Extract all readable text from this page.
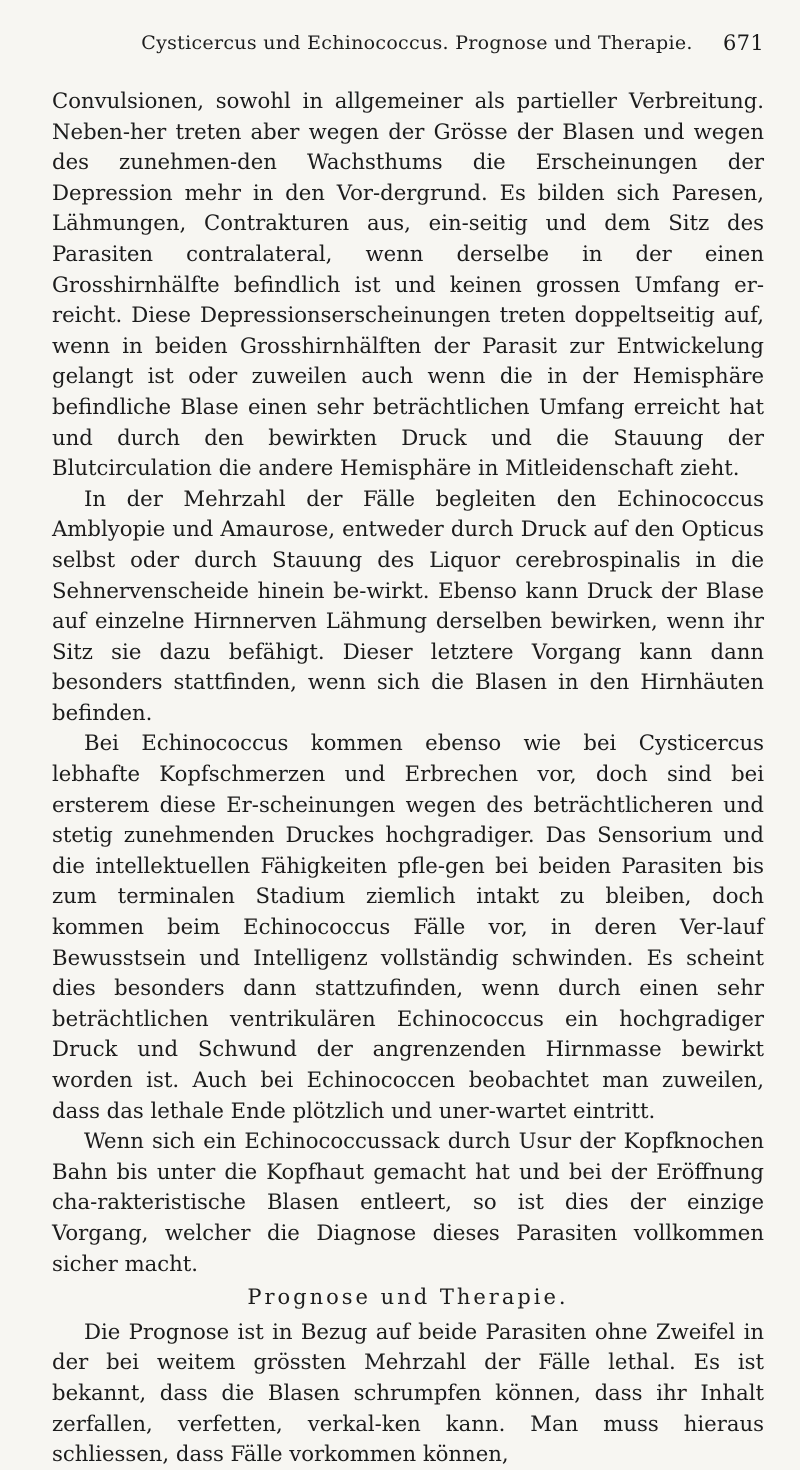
Cysticercus und Echinococcus. Prognose und Therapie.	671

Convulsionen, sowohl in allgemeiner als partieller Verbreitung. Neben-her treten aber wegen der Grösse der Blasen und wegen des zunehmen-den Wachsthums die Erscheinungen der Depression mehr in den Vor-dergrund. Es bilden sich Paresen, Lähmungen, Contrakturen aus, ein-seitig und dem Sitz des Parasiten contralateral, wenn derselbe in der einen Grosshirnhälfte befindlich ist und keinen grossen Umfang er-reicht. Diese Depressionserscheinungen treten doppeltseitig auf, wenn in beiden Grosshirnhälften der Parasit zur Entwickelung gelangt ist oder zuweilen auch wenn die in der Hemisphäre befindliche Blase einen sehr beträchtlichen Umfang erreicht hat und durch den bewirkten Druck und die Stauung der Blutcirculation die andere Hemisphäre in Mitleidenschaft zieht.

In der Mehrzahl der Fälle begleiten den Echinococcus Amblyopie und Amaurose, entweder durch Druck auf den Opticus selbst oder durch Stauung des Liquor cerebrospinalis in die Sehnervenscheide hinein be-wirkt. Ebenso kann Druck der Blase auf einzelne Hirnnerven Lähmung derselben bewirken, wenn ihr Sitz sie dazu befähigt. Dieser letztere Vorgang kann dann besonders stattfinden, wenn sich die Blasen in den Hirnhäuten befinden.

Bei Echinococcus kommen ebenso wie bei Cysticercus lebhafte Kopfschmerzen und Erbrechen vor, doch sind bei ersterem diese Er-scheinungen wegen des beträchtlicheren und stetig zunehmenden Druckes hochgradiger. Das Sensorium und die intellektuellen Fähigkeiten pfle-gen bei beiden Parasiten bis zum terminalen Stadium ziemlich intakt zu bleiben, doch kommen beim Echinococcus Fälle vor, in deren Ver-lauf Bewusstsein und Intelligenz vollständig schwinden. Es scheint dies besonders dann stattzufinden, wenn durch einen sehr beträchtlichen ventrikulären Echinococcus ein hochgradiger Druck und Schwund der angrenzenden Hirnmasse bewirkt worden ist. Auch bei Echinococcen beobachtet man zuweilen, dass das lethale Ende plötzlich und uner-wartet eintritt.

Wenn sich ein Echinococcussack durch Usur der Kopfknochen Bahn bis unter die Kopfhaut gemacht hat und bei der Eröffnung cha-rakteristische Blasen entleert, so ist dies der einzige Vorgang, welcher die Diagnose dieses Parasiten vollkommen sicher macht.

Prognose und Therapie.

Die Prognose ist in Bezug auf beide Parasiten ohne Zweifel in der bei weitem grössten Mehrzahl der Fälle lethal. Es ist bekannt, dass die Blasen schrumpfen können, dass ihr Inhalt zerfallen, verfetten, verkal-ken kann. Man muss hieraus schliessen, dass Fälle vorkommen können,
